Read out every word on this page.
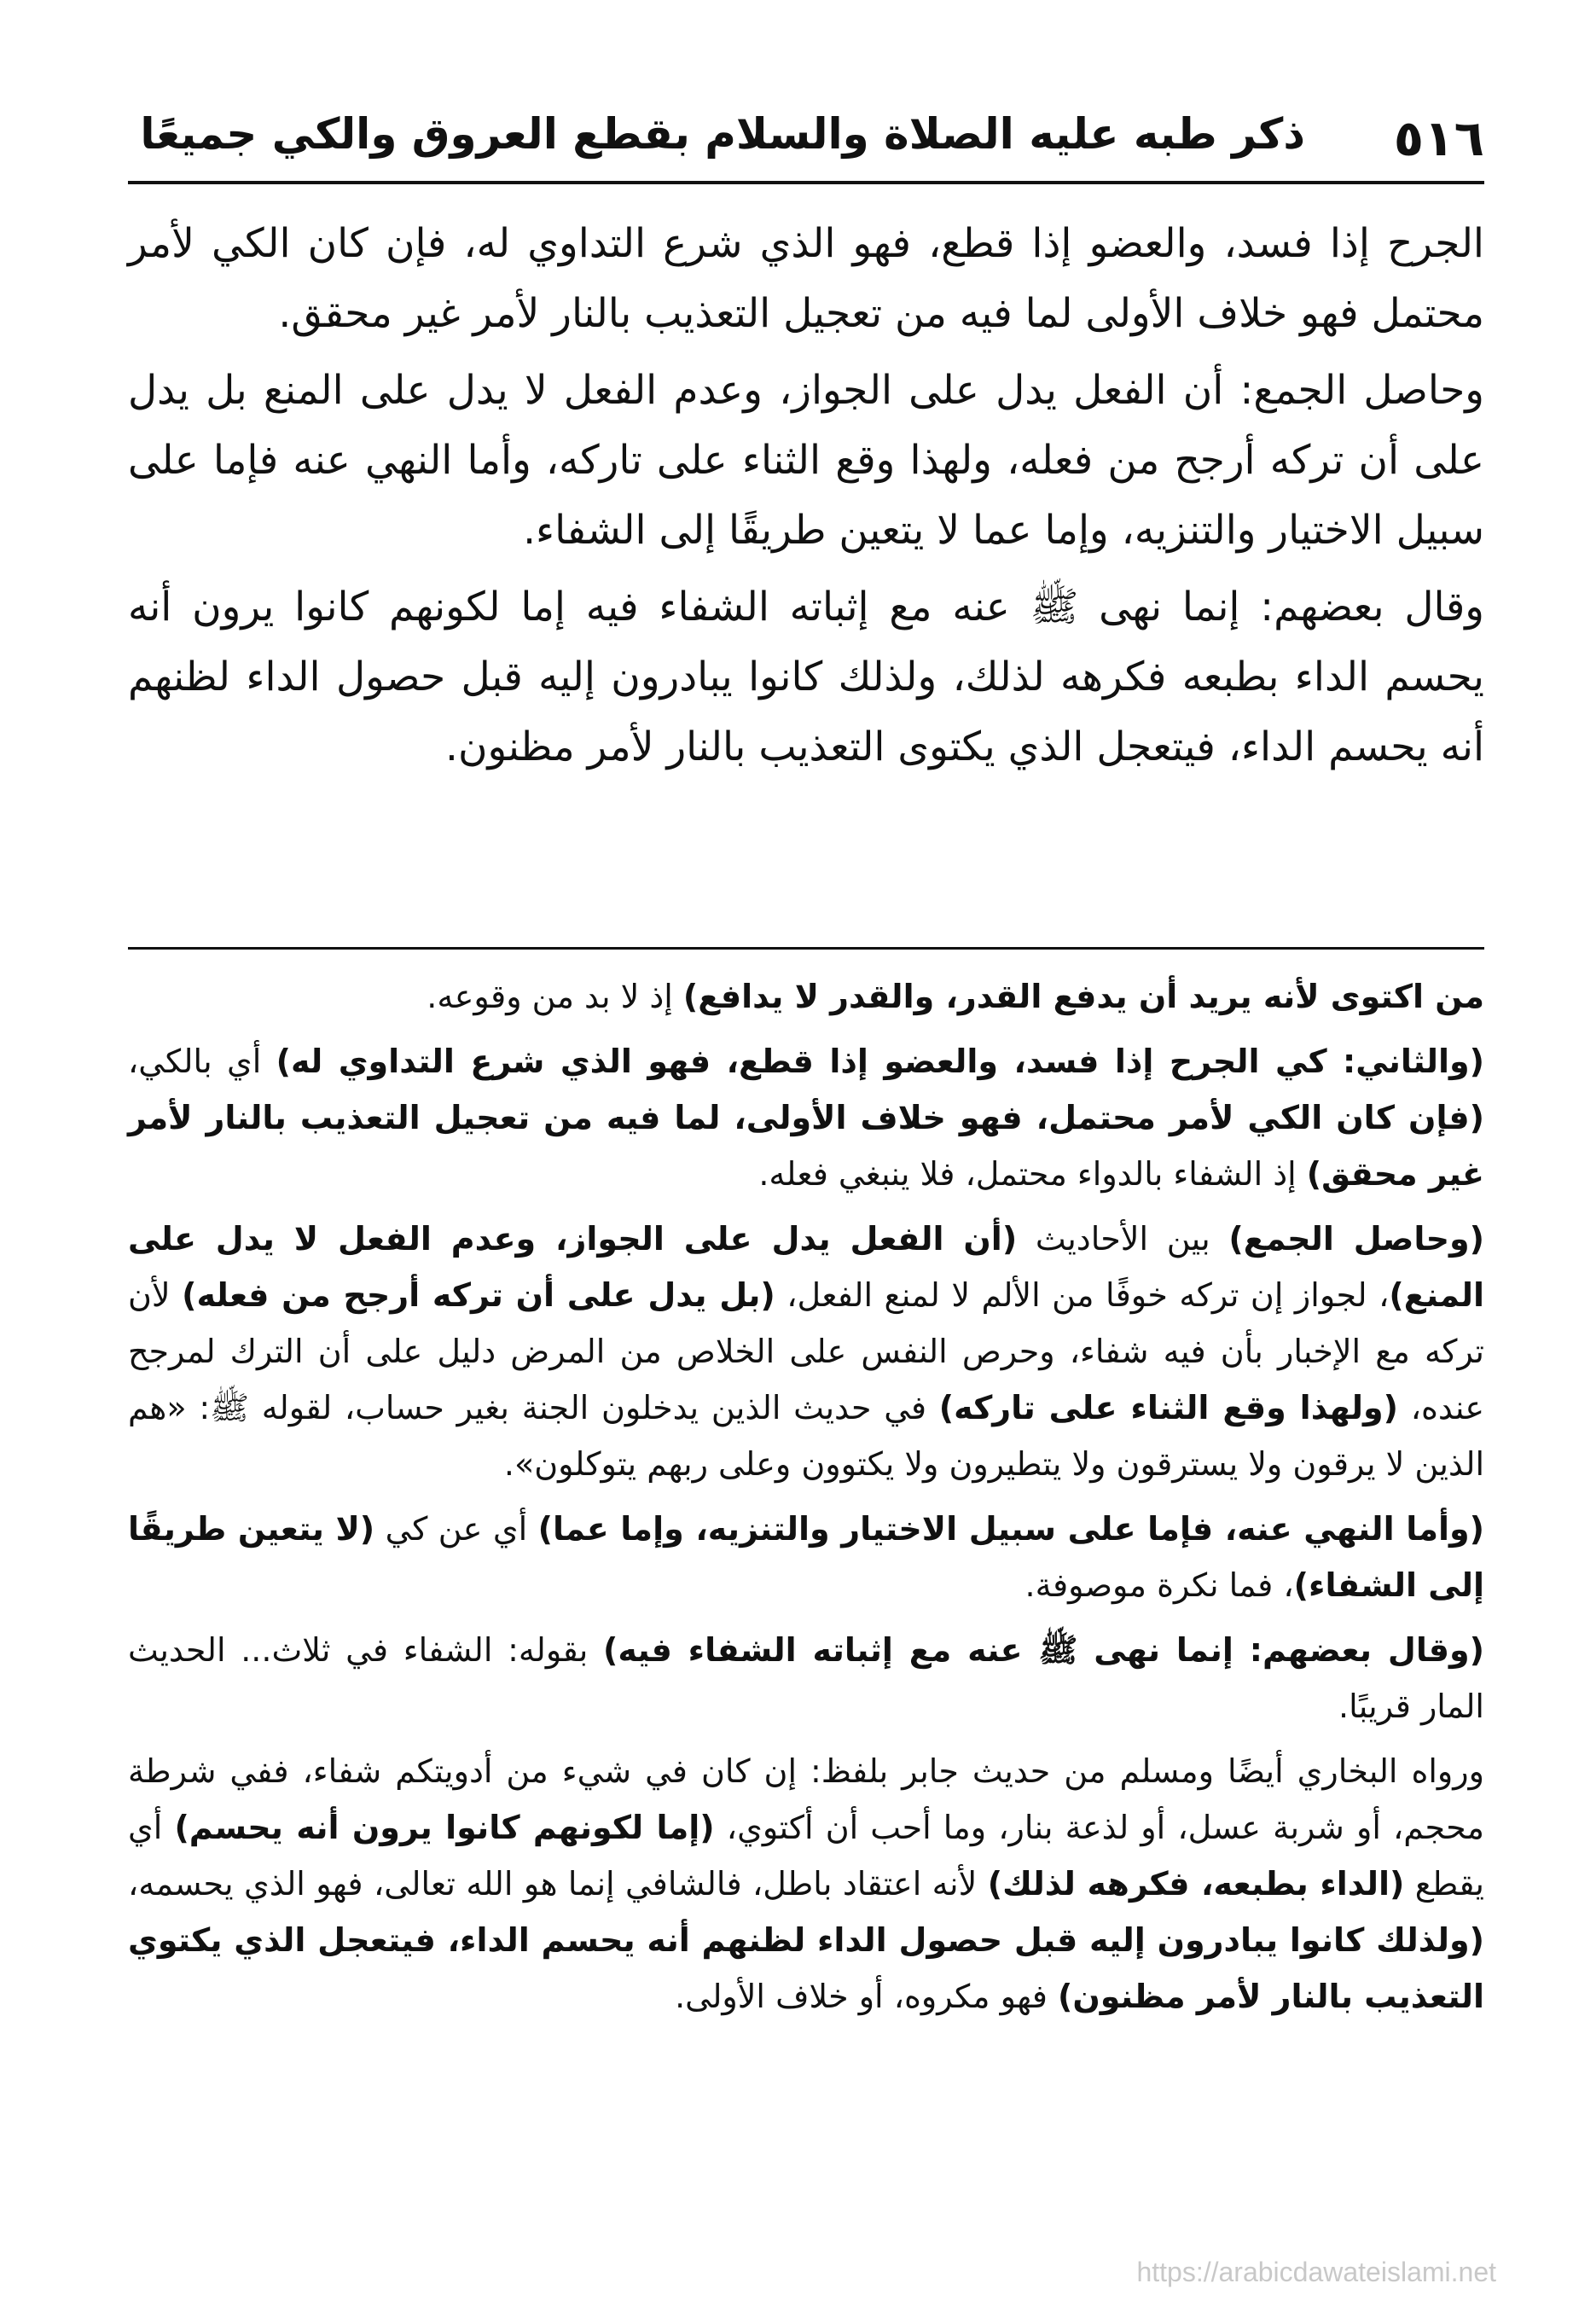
٥١٦
ذكر طبه عليه الصلاة والسلام بقطع العروق والكي جميعًا

الجرح إذا فسد، والعضو إذا قطع، فهو الذي شرع التداوي له، فإن كان الكي لأمر محتمل فهو خلاف الأولى لما فيه من تعجيل التعذيب بالنار لأمر غير محقق.

وحاصل الجمع: أن الفعل يدل على الجواز، وعدم الفعل لا يدل على المنع بل يدل على أن تركه أرجح من فعله، ولهذا وقع الثناء على تاركه، وأما النهي عنه فإما على سبيل الاختيار والتنزيه، وإما عما لا يتعين طريقًا إلى الشفاء.

وقال بعضهم: إنما نهى ﷺ عنه مع إثباته الشفاء فيه إما لكونهم كانوا يرون أنه يحسم الداء بطبعه فكرهه لذلك، ولذلك كانوا يبادرون إليه قبل حصول الداء لظنهم أنه يحسم الداء، فيتعجل الذي يكتوى التعذيب بالنار لأمر مظنون.

من اكتوى لأنه يريد أن يدفع القدر، والقدر لا يدافع) إذ لا بد من وقوعه.

(والثاني: كي الجرح إذا فسد، والعضو إذا قطع، فهو الذي شرع التداوي له) أي بالكي، (فإن كان الكي لأمر محتمل، فهو خلاف الأولى، لما فيه من تعجيل التعذيب بالنار لأمر غير محقق) إذ الشفاء بالدواء محتمل، فلا ينبغي فعله.

(وحاصل الجمع) بين الأحاديث (أن الفعل يدل على الجواز، وعدم الفعل لا يدل على المنع)، لجواز إن تركه خوفًا من الألم لا لمنع الفعل، (بل يدل على أن تركه أرجح من فعله) لأن تركه مع الإخبار بأن فيه شفاء، وحرص النفس على الخلاص من المرض دليل على أن الترك لمرجح عنده، (ولهذا وقع الثناء على تاركه) في حديث الذين يدخلون الجنة بغير حساب، لقوله ﷺ: «هم الذين لا يرقون ولا يسترقون ولا يتطيرون ولا يكتوون وعلى ربهم يتوكلون».

(وأما النهي عنه، فإما على سبيل الاختيار والتنزيه، وإما عما) أي عن كي (لا يتعين طريقًا إلى الشفاء)، فما نكرة موصوفة.

(وقال بعضهم: إنما نهى ﷺ عنه مع إثباته الشفاء فيه) بقوله: الشفاء في ثلاث... الحديث المار قريبًا.

ورواه البخاري أيضًا ومسلم من حديث جابر بلفظ: إن كان في شيء من أدويتكم شفاء، ففي شرطة محجم، أو شربة عسل، أو لذعة بنار، وما أحب أن أكتوي، (إما لكونهم كانوا يرون أنه يحسم) أي يقطع (الداء بطبعه، فكرهه لذلك) لأنه اعتقاد باطل، فالشافي إنما هو الله تعالى، فهو الذي يحسمه، (ولذلك كانوا يبادرون إليه قبل حصول الداء لظنهم أنه يحسم الداء، فيتعجل الذي يكتوي التعذيب بالنار لأمر مظنون) فهو مكروه، أو خلاف الأولى.

https://arabicdawateislami.net
